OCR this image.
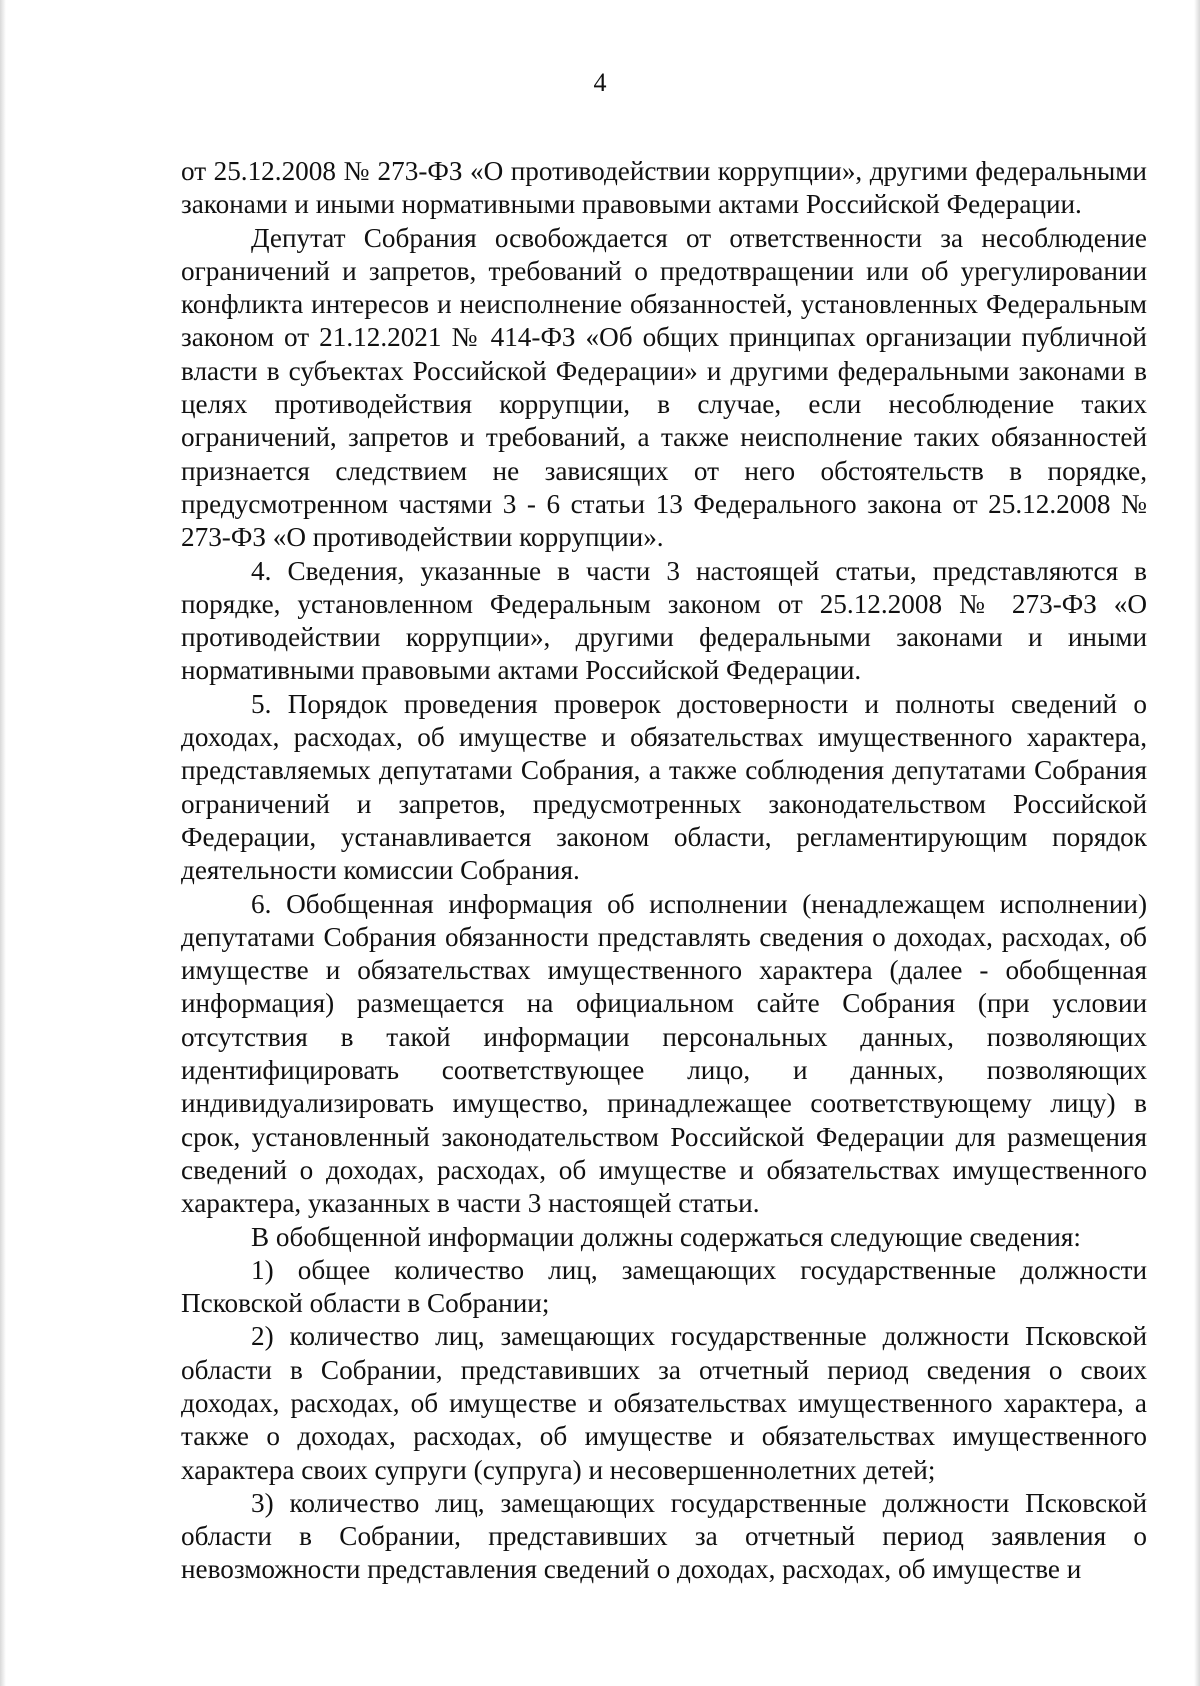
4

от 25.12.2008 № 273-ФЗ «О противодействии коррупции», другими федеральными законами и иными нормативными правовыми актами Российской Федерации.

Депутат Собрания освобождается от ответственности за несоблюдение ограничений и запретов, требований о предотвращении или об урегулировании конфликта интересов и неисполнение обязанностей, установленных Федеральным законом от 21.12.2021 № 414-ФЗ «Об общих принципах организации публичной власти в субъектах Российской Федерации» и другими федеральными законами в целях противодействия коррупции, в случае, если несоблюдение таких ограничений, запретов и требований, а также неисполнение таких обязанностей признается следствием не зависящих от него обстоятельств в порядке, предусмотренном частями 3 - 6 статьи 13 Федерального закона от 25.12.2008 № 273-ФЗ «О противодействии коррупции».

4. Сведения, указанные в части 3 настоящей статьи, представляются в порядке, установленном Федеральным законом от 25.12.2008 № 273-ФЗ «О противодействии коррупции», другими федеральными законами и иными нормативными правовыми актами Российской Федерации.

5. Порядок проведения проверок достоверности и полноты сведений о доходах, расходах, об имуществе и обязательствах имущественного характера, представляемых депутатами Собрания, а также соблюдения депутатами Собрания ограничений и запретов, предусмотренных законодательством Российской Федерации, устанавливается законом области, регламентирующим порядок деятельности комиссии Собрания.

6. Обобщенная информация об исполнении (ненадлежащем исполнении) депутатами Собрания обязанности представлять сведения о доходах, расходах, об имуществе и обязательствах имущественного характера (далее - обобщенная информация) размещается на официальном сайте Собрания (при условии отсутствия в такой информации персональных данных, позволяющих идентифицировать соответствующее лицо, и данных, позволяющих индивидуализировать имущество, принадлежащее соответствующему лицу) в срок, установленный законодательством Российской Федерации для размещения сведений о доходах, расходах, об имуществе и обязательствах имущественного характера, указанных в части 3 настоящей статьи.

В обобщенной информации должны содержаться следующие сведения:

1) общее количество лиц, замещающих государственные должности Псковской области в Собрании;

2) количество лиц, замещающих государственные должности Псковской области в Собрании, представивших за отчетный период сведения о своих доходах, расходах, об имуществе и обязательствах имущественного характера, а также о доходах, расходах, об имуществе и обязательствах имущественного характера своих супруги (супруга) и несовершеннолетних детей;

3) количество лиц, замещающих государственные должности Псковской области в Собрании, представивших за отчетный период заявления о невозможности представления сведений о доходах, расходах, об имуществе и
